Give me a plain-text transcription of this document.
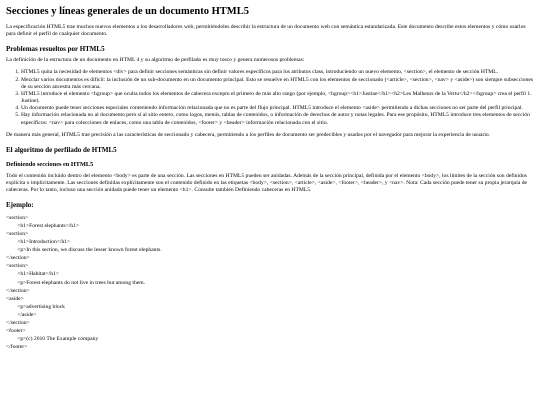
Secciones y líneas generales de un documento HTML5

La especificación HTML5 trae muchos nuevos elementos a los desarrolladores web, permitiéndoles describir la estructura de un documento web con semántica estandarizada. Este documento describe estos elementos y cómo usarlos para definir el perfil de cualquier documento.

Problemas resueltos por HTML5

La definición de la estructura de un documento en HTML 4 y su algoritmo de perfilado es muy tosco y genera numerosos problemas:

1. HTML5 quita la necesidad de elementos <div> para definir secciones semánticas sin definir valores específicos para los atributos class, introduciendo un nuevo elemento, <section>, el elemento de sección HTML.
2. Mezclar varios documentos es difícil: la inclusión de un sub-documento en un documento principal. Esto se resuelve en HTML5 con los elementos de seccionado (<article>, <section>, <nav> y <aside>) son siempre subsecciones de su sección ancestra más cercana.
3. HTML5 introduce el elemento <hgroup> que oculta todos los elementos de cabecera excepto el primero de más alto rango (por ejemplo, <hgroup><h1>Justine</h1><h2>Les Malheurs de la Vertu</h2></hgroup> crea el perfil 1. Justine).
4. Un documento puede tener secciones especiales conteniendo información relacionada que no es parte del flujo principal. HTML5 introduce el elemento <aside> permitiendo a dichas secciones no ser parte del perfil principal.
5. Hay información relacionada no al documento pero sí al sitio entero, como logos, menús, tablas de contenidos, o información de derechos de autor y notas legales. Para ese propósito, HTML5 introduce tres elementos de sección específicos: <nav> para colecciones de enlaces, como una tabla de contenidos, <footer> y <header> información relacionada con el sitio.

De manera más general, HTML5 trae precisión a las características de seccionado y cabecera, permitiendo a los perfiles de documento ser predecibles y usados por el navegador para mejorar la experiencia de usuario.

El algoritmo de perfilado de HTML5
Definiendo secciones en HTML5

Todo el contenido incluido dentro del elemento <body> es parte de una sección. Las secciones en HTML5 pueden ser anidadas. Además de la sección principal, definida por el elemento <body>, los límites de la sección son definidos explícita o implícitamente. Las secciones definidas explícitamente son el contenido definido en las etiquetas <body>, <section>, <article>, <aside>, <footer>, <header>, y <nav>. Nota: Cada sección puede tener su propia jerarquía de cabeceras. Por lo tanto, incluso una sección anidada puede tener un elemento <h1>. Consulte también Definiendo cabeceras en HTML5.

Ejemplo:
<section>
<h1>Forest elephants</h1>
<section>
<h1>Introduction</h1>
<p>In this section, we discuss the lesser known forest elephants.
</section>
<section>
<h1>Habitat</h1>
<p>Forest elephants do not live in trees but among them.
</section>
<aside>
<p>advertising block
</aside>
</section>
<footer>
<p>(c) 2010 The Example company
</footer>
